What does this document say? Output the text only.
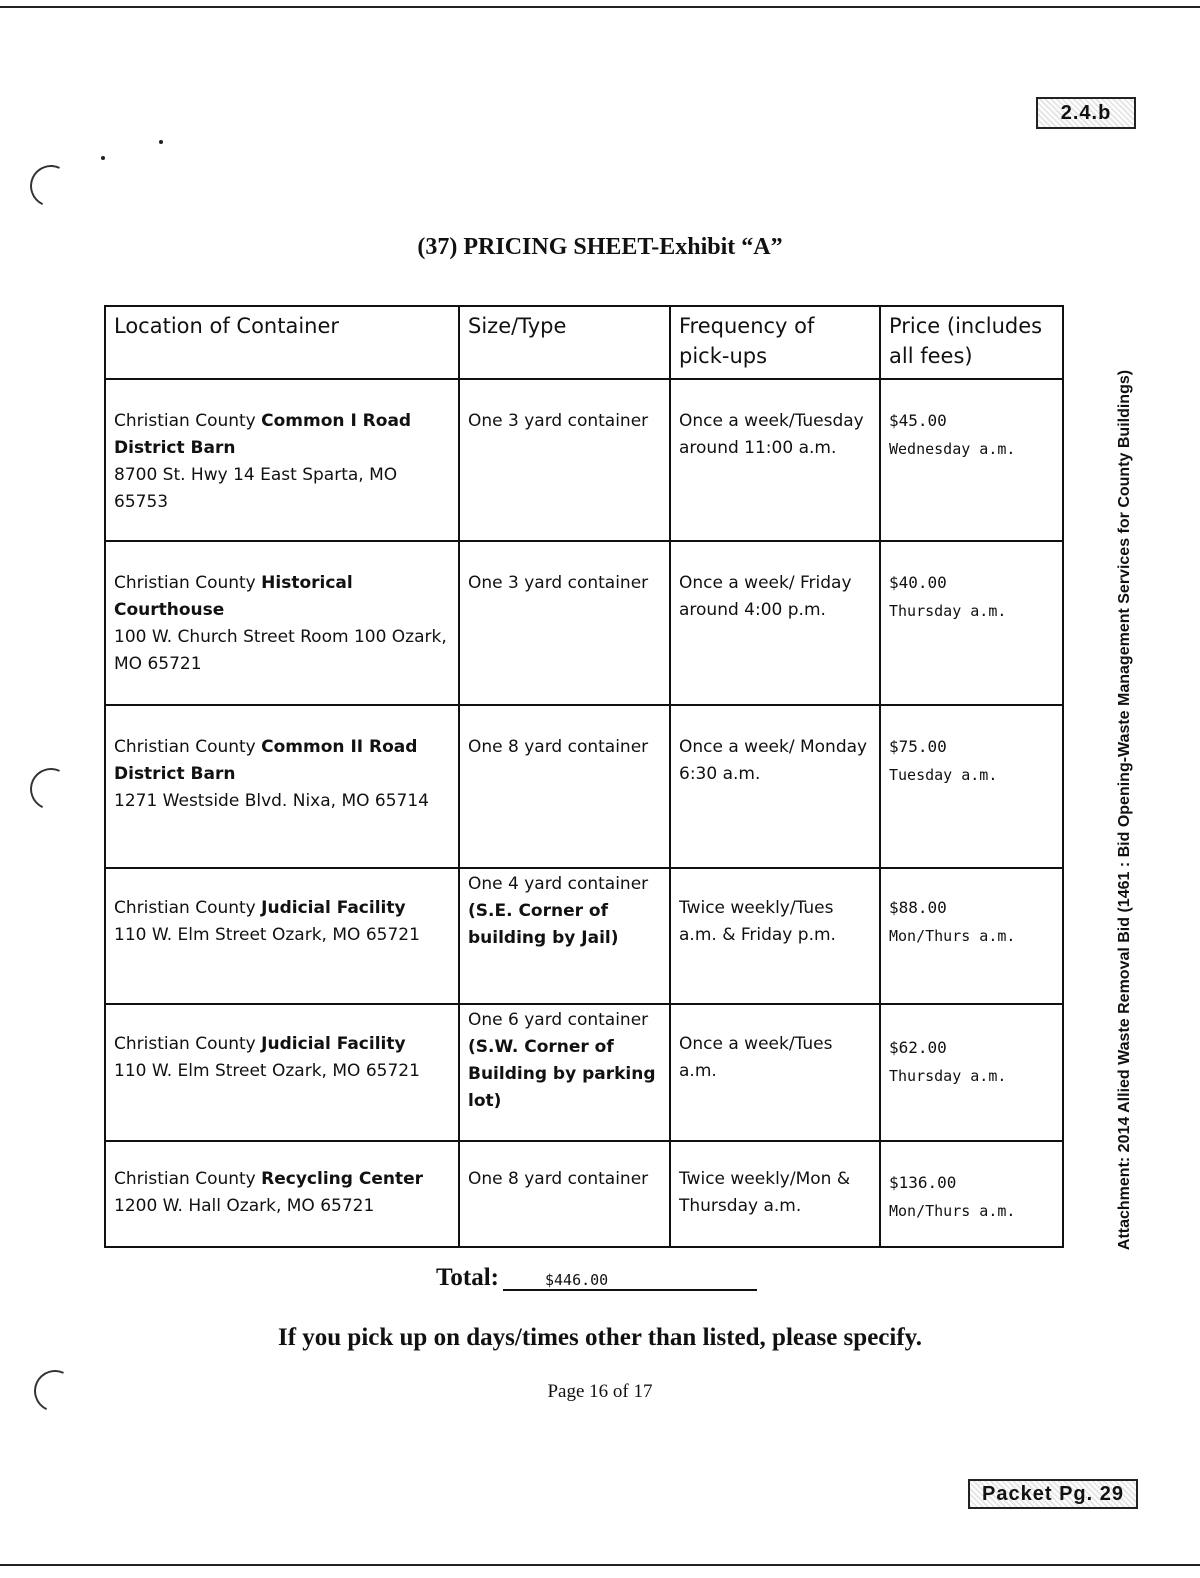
2.4.b
(37) PRICING SHEET-Exhibit “A”
Location of Container	Size/Type	Frequency of pick-ups	Price (includes all fees)
Christian County Common I Road District Barn
8700 St. Hwy 14 East Sparta, MO 65753	One 3 yard container	Once a week/Tuesday around 11:00 a.m.	$45.00
Wednesday a.m.

Christian County Historical Courthouse
100 W. Church Street Room 100 Ozark, MO 65721	One 3 yard container	Once a week/ Friday around 4:00 p.m.	$40.00
Thursday a.m.

Christian County Common II Road District Barn
1271 Westside Blvd. Nixa, MO 65714	One 8 yard container	Once a week/ Monday 6:30 a.m.	$75.00
Tuesday a.m.

Christian County Judicial Facility
110 W. Elm Street Ozark, MO 65721	One 4 yard container
(S.E. Corner of building by Jail)	Twice weekly/Tues a.m. & Friday p.m.	$88.00
Mon/Thurs a.m.

Christian County Judicial Facility
110 W. Elm Street Ozark, MO 65721	One 6 yard container
(S.W. Corner of Building by parking lot)	Once a week/Tues a.m.	$62.00
Thursday a.m.

Christian County Recycling Center
1200 W. Hall Ozark, MO 65721	One 8 yard container	Twice weekly/Mon & Thursday a.m.	$136.00
Mon/Thurs a.m.
Total:	$446.00
If you pick up on days/times other than listed, please specify.
Page 16 of 17
Attachment: 2014 Allied Waste Removal Bid (1461 : Bid Opening-Waste Management Services for County Buildings)
Packet Pg. 29
